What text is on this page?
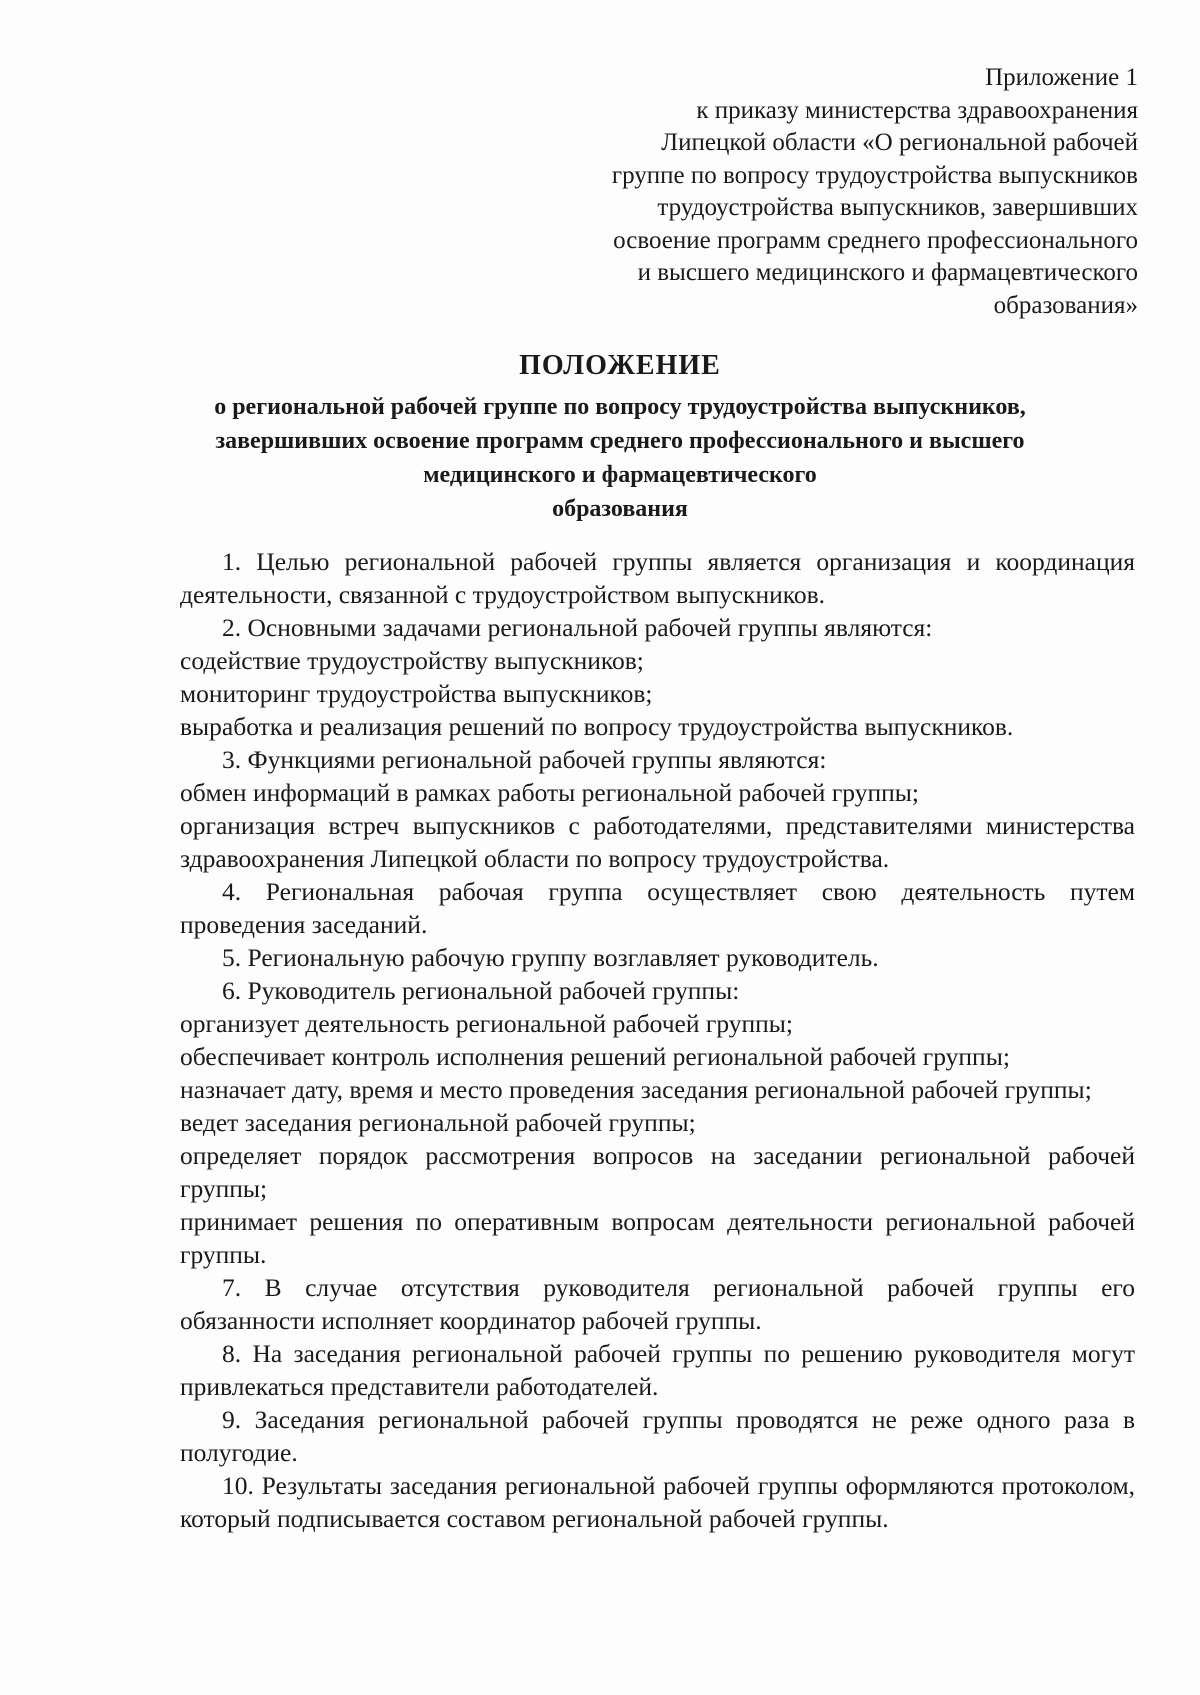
Приложение 1
к приказу министерства здравоохранения
Липецкой области «О региональной рабочей
группе по вопросу трудоустройства выпускников
трудоустройства выпускников, завершивших
освоение программ среднего профессионального
и высшего медицинского и фармацевтического
образования»
ПОЛОЖЕНИЕ
о региональной рабочей группе по вопросу трудоустройства выпускников,
завершивших освоение программ среднего профессионального и высшего
медицинского и фармацевтического
образования

1. Целью региональной рабочей группы является организация и координация деятельности, связанной с трудоустройством выпускников.

2. Основными задачами региональной рабочей группы являются:

содействие трудоустройству выпускников;

мониторинг трудоустройства выпускников;

выработка и реализация решений по вопросу трудоустройства выпускников.

3. Функциями региональной рабочей группы являются:

обмен информаций в рамках работы региональной рабочей группы;

организация встреч выпускников с работодателями, представителями министерства здравоохранения Липецкой области по вопросу трудоустройства.

4. Региональная рабочая группа осуществляет свою деятельность путем проведения заседаний.

5. Региональную рабочую группу возглавляет руководитель.

6. Руководитель региональной рабочей группы:

организует деятельность региональной рабочей группы;

обеспечивает контроль исполнения решений региональной рабочей группы;

назначает дату, время и место проведения заседания региональной рабочей группы;

ведет заседания региональной рабочей группы;

определяет порядок рассмотрения вопросов на заседании региональной рабочей группы;

принимает решения по оперативным вопросам деятельности региональной рабочей группы.

7. В случае отсутствия руководителя региональной рабочей группы его обязанности исполняет координатор рабочей группы.

8. На заседания региональной рабочей группы по решению руководителя могут привлекаться представители работодателей.

9. Заседания региональной рабочей группы проводятся не реже одного раза в полугодие.

10. Результаты заседания региональной рабочей группы оформляются протоколом, который подписывается составом региональной рабочей группы.
